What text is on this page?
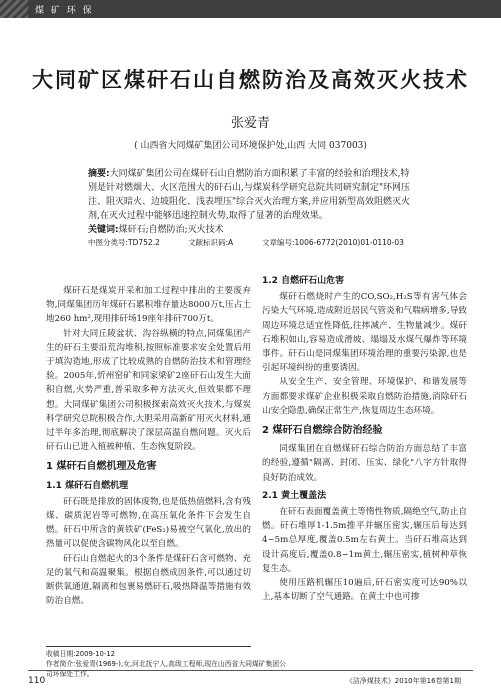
煤 矿 环 保
大同矿区煤矸石山自燃防治及高效灭火技术
张爱青
( 山西省大同煤矿集团公司环境保护处,山西 大同 037003)
摘要:大同煤矿集团公司在煤矸石山自燃防治方面积累了丰富的经验和治理技术,特别是针对燃烟大、火区范围大的矸石山,与煤炭科学研究总院共同研究制定"环网压注、阻灭暗火、边坡阻化、浅表埋压"综合灭火治理方案,并应用新型高效阻燃灭火剂,在灭火过程中能够迅速控制火势,取得了显著的治理效果。
关键词:煤矸石;自燃防治;灭火技术
中图分类号:TD752.2	文献标识码:A	文章编号:1006-6772(2010)01-0110-03

煤矸石是煤炭开采和加工过程中排出的主要废弃物,同煤集团历年煤矸石累积堆存量达8000万t,压占土地260 hm²,现用排矸场19座年排矸700万t。

针对大同丘陵盆状、沟谷纵横的特点,同煤集团产生的矸石主要沿荒沟堆积,按照标准要求安全处置后用于填沟造地,形成了比较成熟的自燃防治技术和管理经验。2005年,忻州窑矿和同家梁矿2座矸石山发生大面积自燃,火势严重,普采取多种方法灭火,但效果都不理想。大同煤矿集团公司积极探索高效灭火技术,与煤炭科学研究总院积极合作,大胆采用高新矿用灭火材料,通过半年多治理,彻底解决了深层高温自燃问题。灭火后矸石山已进入植被种植、生态恢复阶段。

1 煤矸石自燃机理及危害
1.1 煤矸石自燃机理

矸石既是排放的固体废物,也是低热值燃料,含有残煤、碳质泥岩等可燃物,在高压氧化条件下会发生自燃。矸石中所含的黄铁矿(FeS₂)易被空气氧化,放出的热量可以促使含碳物风化以至自燃。

矸石山自燃起火的3个条件是煤矸石含可燃物、充足的氧气和高温聚集。根据自燃成因条件,可以通过切断供氧通道,隔离和包裹易燃矸石,吸热降温等措施有效防治自燃。

1.2 自燃矸石山危害

煤矸石燃烧时产生的CO,SO₂,H₂S等有害气体会污染大气环境,造成附近居民气管炎和气喘病增多,导致周边环境总适宜性降低,往摔减产、生物量减少。煤矸石堆积如山,容易造成滑坡、塌塌及水煤气爆炸等环境事件。矸石山是同煤集团环境治理的重要污染源,也是引起环境纠纷的重要诱因。

从安全生产、安全管理、环境保护、和谐发展等方面都要求煤矿企业积极采取自燃防治措施,消除矸石山安全隐患,确保正常生产,恢复周边生态环境。

2 煤矸石自燃综合防治经验

同煤集团在自燃煤矸石综合防治方面总结了丰富的经验,遵循"隔离、封闭、压实、绿化"八字方针取得良好防治成效。

2.1 黄土覆盖法

在矸石表面覆盖黄土等惰性物质,隔绝空气,防止自燃。矸石堆厚1-1.5m推平并辗压密实,辗压后每达到4~5m总厚度,覆盖0.5m左右黄土。当矸石堆高达到设计高度后,覆盖0.8~1m黄土,辗压密实,植树种草恢复生态。

使用压路机辗压10遍后,矸石密实度可达90%以上,基本切断了空气通路。在黄土中也可掺

收稿日期:2009-10-12
作者简介:张爱青(1969-),女,河北抚宁人,高级工程师,现在山西省大同煤矿集团公司环保处工作。
110	《洁净煤技术》2010年第16卷第1期
